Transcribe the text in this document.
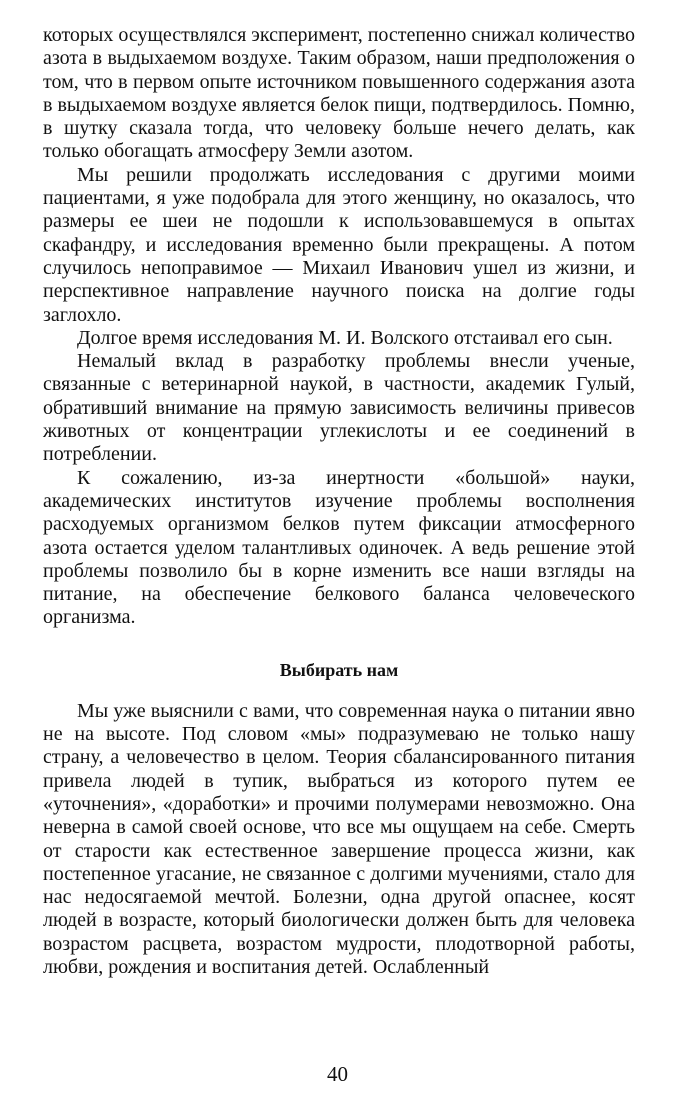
которых осуществлялся эксперимент, постепенно снижал количество азота в выдыхаемом воздухе. Таким образом, наши предположения о том, что в первом опыте источником повышенного содержания азота в выдыхаемом воздухе является белок пищи, подтвердилось. Помню, в шутку сказала тогда, что человеку больше нечего делать, как только обогащать атмосферу Земли азотом.

Мы решили продолжать исследования с другими моими пациентами, я уже подобрала для этого женщину, но оказалось, что размеры ее шеи не подошли к использовавшемуся в опытах скафандру, и исследования временно были прекращены. А потом случилось непоправимое — Михаил Иванович ушел из жизни, и перспективное направление научного поиска на долгие годы заглохло.

Долгое время исследования М. И. Волского отстаивал его сын.

Немалый вклад в разработку проблемы внесли ученые, связанные с ветеринарной наукой, в частности, академик Гулый, обративший внимание на прямую зависимость величины привесов животных от концентрации углекислоты и ее соединений в потреблении.

К сожалению, из-за инертности «большой» науки, академических институтов изучение проблемы восполнения расходуемых организмом белков путем фиксации атмосферного азота остается уделом талантливых одиночек. А ведь решение этой проблемы позволило бы в корне изменить все наши взгляды на питание, на обеспечение белкового баланса человеческого организма.

Выбирать нам

Мы уже выяснили с вами, что современная наука о питании явно не на высоте. Под словом «мы» подразумеваю не только нашу страну, а человечество в целом. Теория сбалансированного питания привела людей в тупик, выбраться из которого путем ее «уточнения», «доработки» и прочими полумерами невозможно. Она неверна в самой своей основе, что все мы ощущаем на себе. Смерть от старости как естественное завершение процесса жизни, как постепенное угасание, не связанное с долгими мучениями, стало для нас недосягаемой мечтой. Болезни, одна другой опаснее, косят людей в возрасте, который биологически должен быть для человека возрастом расцвета, возрастом мудрости, плодотворной работы, любви, рождения и воспитания детей. Ослабленный

40
